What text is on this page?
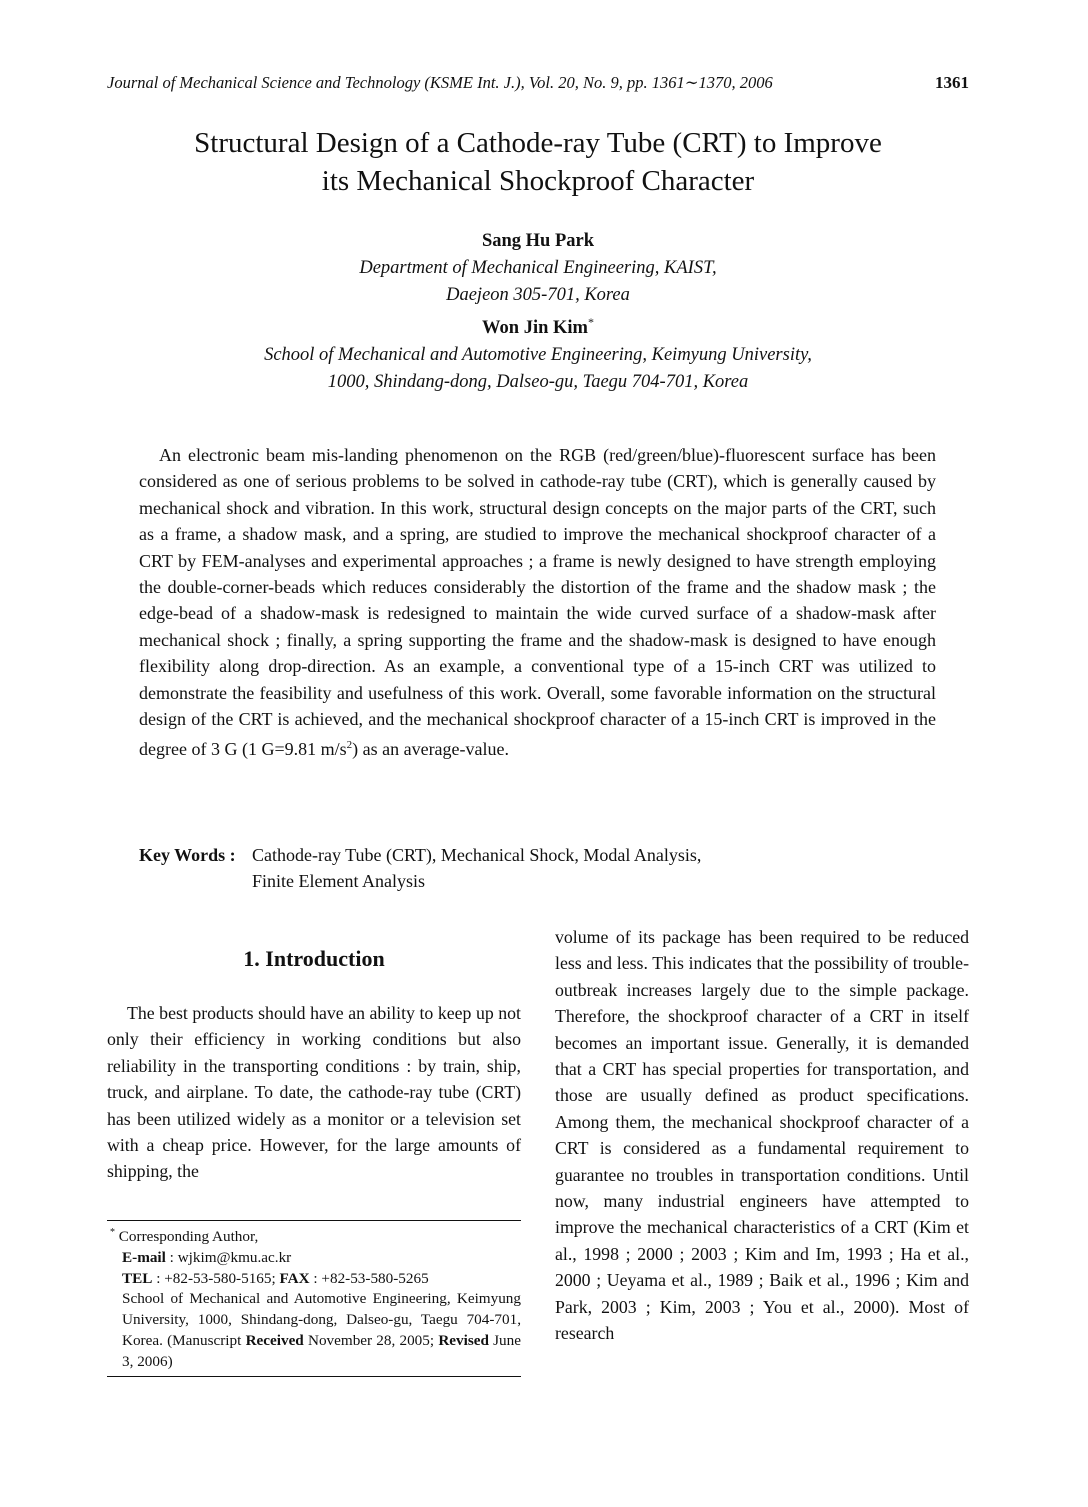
Journal of Mechanical Science and Technology (KSME Int. J.), Vol. 20, No. 9, pp. 1361∼1370, 2006	1361
Structural Design of a Cathode-ray Tube (CRT) to Improve
its Mechanical Shockproof Character
Sang Hu Park
Department of Mechanical Engineering, KAIST,
Daejeon 305-701, Korea
Won Jin Kim*
School of Mechanical and Automotive Engineering, Keimyung University,
1000, Shindang-dong, Dalseo-gu, Taegu 704-701, Korea

An electronic beam mis-landing phenomenon on the RGB (red/green/blue)-fluorescent surface has been considered as one of serious problems to be solved in cathode-ray tube (CRT), which is generally caused by mechanical shock and vibration. In this work, structural design concepts on the major parts of the CRT, such as a frame, a shadow mask, and a spring, are studied to improve the mechanical shockproof character of a CRT by FEM-analyses and experimental approaches ; a frame is newly designed to have strength employing the double-corner-beads which reduces considerably the distortion of the frame and the shadow mask ; the edge-bead of a shadow-mask is redesigned to maintain the wide curved surface of a shadow-mask after mechanical shock ; finally, a spring supporting the frame and the shadow-mask is designed to have enough flexibility along drop-direction. As an example, a conventional type of a 15-inch CRT was utilized to demonstrate the feasibility and usefulness of this work. Overall, some favorable information on the structural design of the CRT is achieved, and the mechanical shockproof character of a 15-inch CRT is improved in the degree of 3 G (1 G=9.81 $m/s^2$) as an average-value.

Key Words : Cathode-ray Tube (CRT), Mechanical Shock, Modal Analysis,
Finite Element Analysis
1. Introduction

The best products should have an ability to keep up not only their efficiency in working conditions but also reliability in the transporting conditions : by train, ship, truck, and airplane. To date, the cathode-ray tube (CRT) has been utilized widely as a monitor or a television set with a cheap price. However, for the large amounts of shipping, the

volume of its package has been required to be reduced less and less. This indicates that the possibility of trouble-outbreak increases largely due to the simple package. Therefore, the shockproof character of a CRT in itself becomes an important issue. Generally, it is demanded that a CRT has special properties for transportation, and those are usually defined as product specifications. Among them, the mechanical shockproof character of a CRT is considered as a fundamental requirement to guarantee no troubles in transportation conditions. Until now, many industrial engineers have attempted to improve the mechanical characteristics of a CRT (Kim et al., 1998 ; 2000 ; 2003 ; Kim and Im, 1993 ; Ha et al., 2000 ; Ueyama et al., 1989 ; Baik et al., 1996 ; Kim and Park, 2003 ; Kim, 2003 ; You et al., 2000). Most of research

* Corresponding Author,
E-mail : wjkim@kmu.ac.kr
TEL : +82-53-580-5165; FAX : +82-53-580-5265
School of Mechanical and Automotive Engineering, Keimyung University, 1000, Shindang-dong, Dalseo-gu, Taegu 704-701, Korea. (Manuscript Received November 28, 2005; Revised June 3, 2006)
